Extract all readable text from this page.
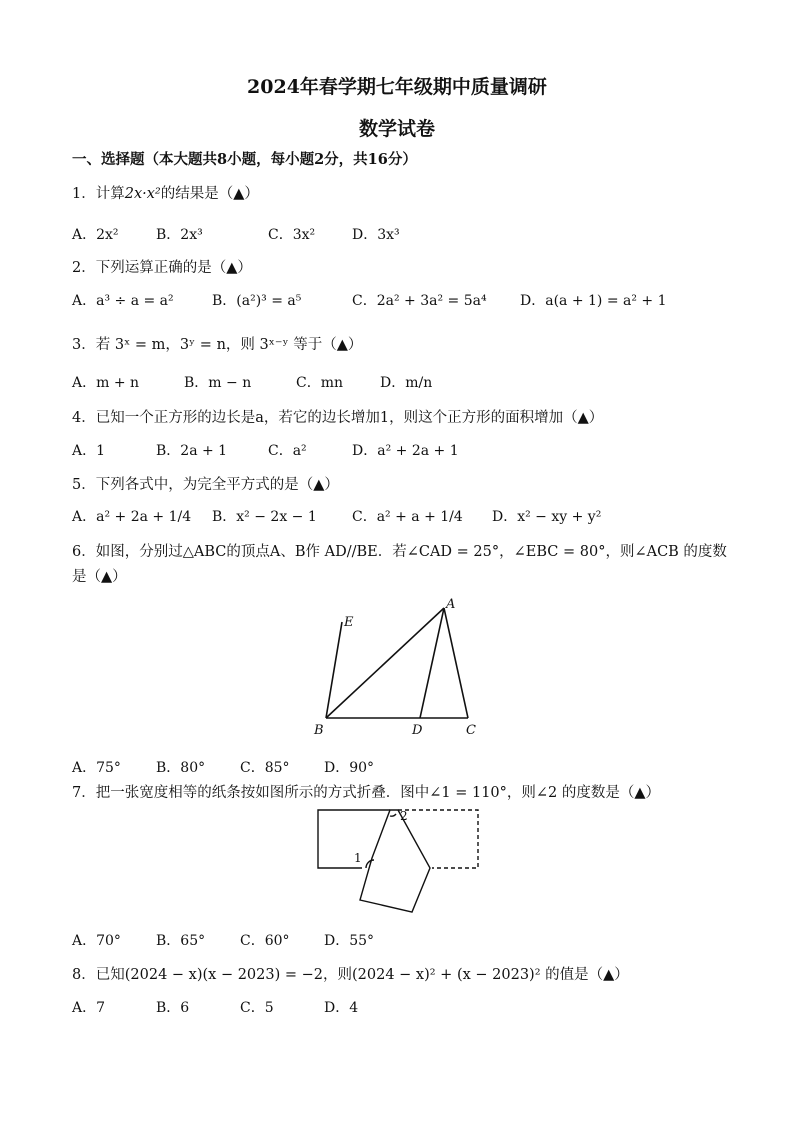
2024年春学期七年级期中质量调研
数学试卷
一、选择题（本大题共8小题，每小题2分，共16分）
1．计算2x·x²的结果是（▲）
A．2x²	B．2x³	C．3x²	D．3x³
2．下列运算正确的是（▲）
A．a³ ÷ a = a²	B．(a²)³ = a⁵	C．2a² + 3a² = 5a⁴ D．a(a + 1) = a² + 1
3．若 3ˣ = m，3ʸ = n，则 3ˣ⁻ʸ 等于（▲）
A．m + n	B．m − n	C．mn	D．m/n
4．已知一个正方形的边长是a，若它的边长增加1，则这个正方形的面积增加（▲）
A．1	B．2a + 1	C．a²	D．a² + 2a + 1
5．下列各式中，为完全平方式的是（▲）
A．a² + 2a + 1/4 B．x² − 2x − 1	C．a² + a + 1/4 D．x² − xy + y²
6．如图，分别过△ABC的顶点A、B作 AD//BE．若∠CAD = 25°，∠EBC = 80°，则∠ACB 的度数
是（▲）
E
A
B	D	C
A．75°	B．80° C．85° D．90°
7．把一张宽度相等的纸条按如图所示的方式折叠．图中∠1 = 110°，则∠2 的度数是（▲）
1
2
A．70°	B．65° C．60° D．55°
8．已知(2024 − x)(x − 2023) = −2，则(2024 − x)² + (x − 2023)² 的值是（▲）
A．7	B．6	C．5	D．4
